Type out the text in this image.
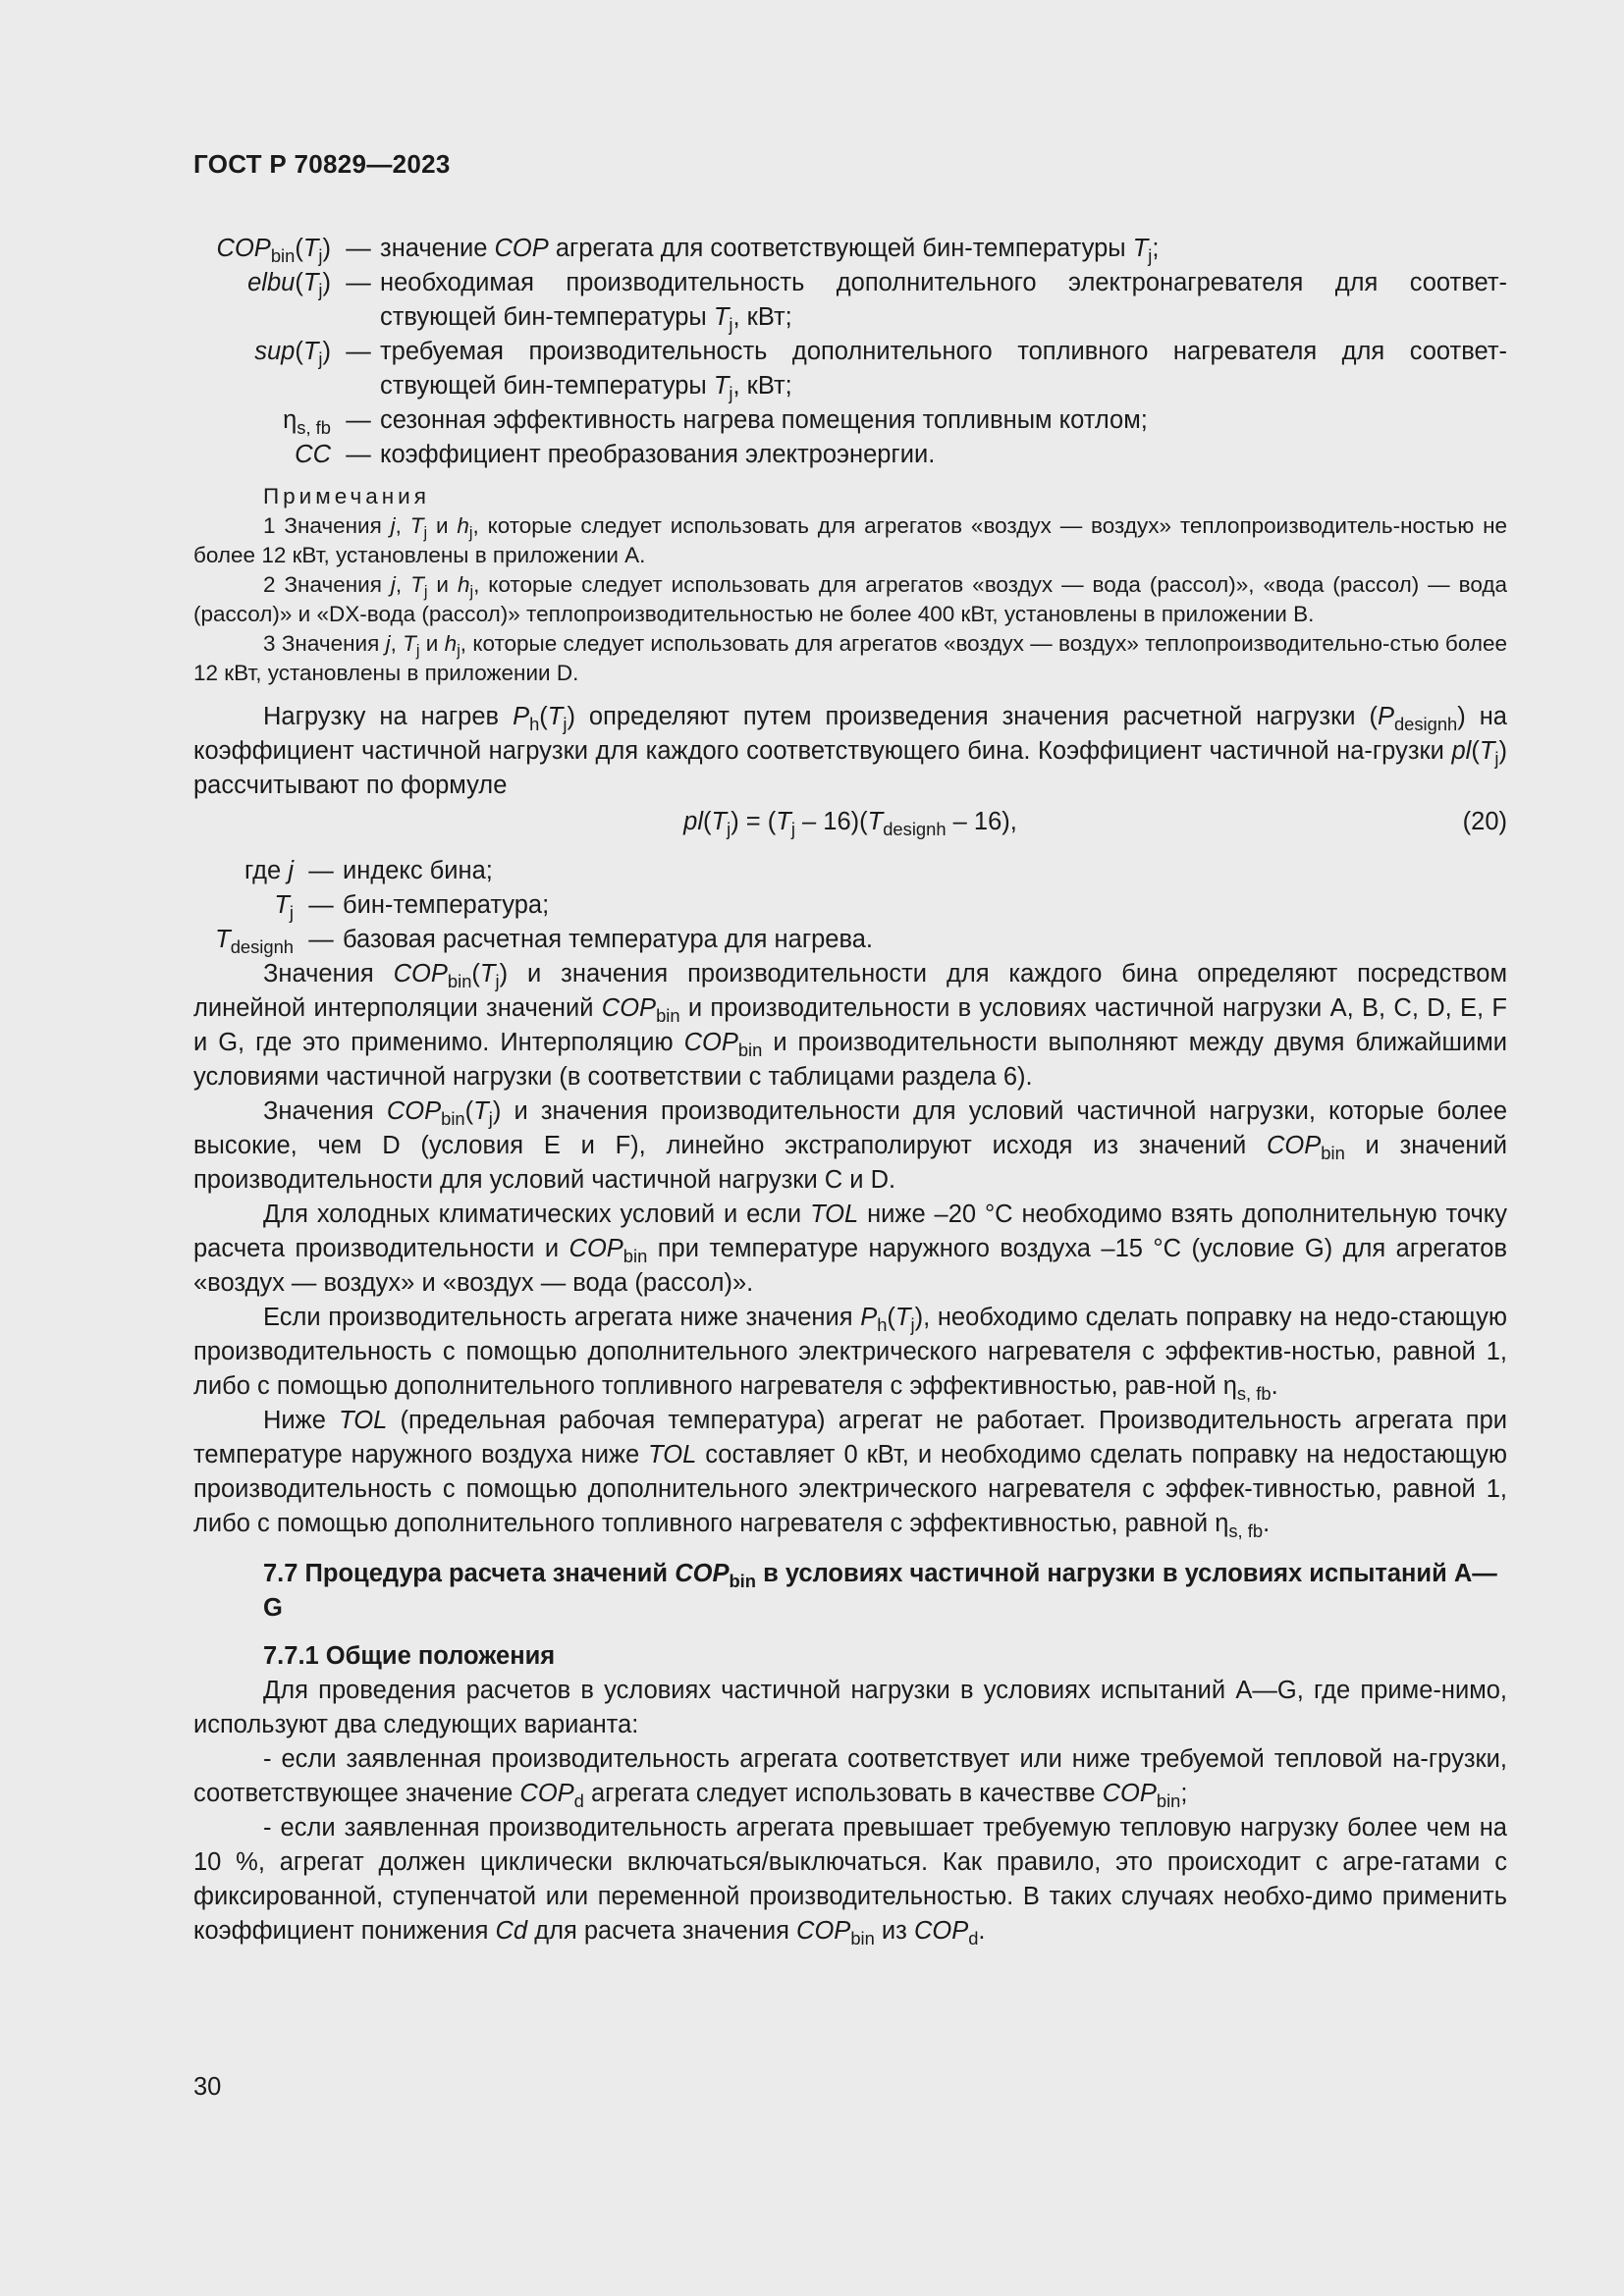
ГОСТ Р 70829—2023
$COP_{bin}(T_j)$ — значение COP агрегата для соответствующей бин-температуры $T_j$;
$elbu(T_j)$ — необходимая производительность дополнительного электронагревателя для соответ-
ствующей бин-температуры $T_j$, кВт;
$sup(T_j)$ — требуемая производительность дополнительного топливного нагревателя для соответ-
ствующей бин-температуры $T_j$, кВт;
$\eta_{s, fb}$ — сезонная эффективность нагрева помещения топливным котлом;
CC — коэффициент преобразования электроэнергии.
Примечания
1 Значения j, $T_j$ и $h_j$, которые следует использовать для агрегатов «воздух — воздух» теплопроизводитель-ностью не более 12 кВт, установлены в приложении А.
2 Значения j, $T_j$ и $h_j$, которые следует использовать для агрегатов «воздух — вода (рассол)», «вода (рассол) — вода (рассол)» и «DX-вода (рассол)» теплопроизводительностью не более 400 кВт, установлены в приложении В.
3 Значения j, $T_j$ и $h_j$, которые следует использовать для агрегатов «воздух — воздух» теплопроизводительно-стью более 12 кВт, установлены в приложении D.

Нагрузку на нагрев $P_h(T_j)$ определяют путем произведения значения расчетной нагрузки $(P_{designh})$ на коэффициент частичной нагрузки для каждого соответствующего бина. Коэффициент частичной на-грузки $pl(T_j)$ рассчитывают по формуле

$pl(T_j) = (T_j - 16)(T_{designh} - 16)$,	(20)
где j — индекс бина;
$T_j$ — бин-температура;
$T_{designh}$ — базовая расчетная температура для нагрева.

Значения $COP_{bin}(T_j)$ и значения производительности для каждого бина определяют посредством линейной интерполяции значений $COP_{bin}$ и производительности в условиях частичной нагрузки A, B, C, D, E, F и G, где это применимо. Интерполяцию $COP_{bin}$ и производительности выполняют между двумя ближайшими условиями частичной нагрузки (в соответствии с таблицами раздела 6).

Значения $COP_{bin}(T_j)$ и значения производительности для условий частичной нагрузки, которые более высокие, чем D (условия E и F), линейно экстраполируют исходя из значений $COP_{bin}$ и значений производительности для условий частичной нагрузки C и D.

Для холодных климатических условий и если TOL ниже –20 °C необходимо взять дополнительную точку расчета производительности и $COP_{bin}$ при температуре наружного воздуха –15 °C (условие G) для агрегатов «воздух — воздух» и «воздух — вода (рассол)».

Если производительность агрегата ниже значения $P_h(T_j)$, необходимо сделать поправку на недо-стающую производительность с помощью дополнительного электрического нагревателя с эффектив-ностью, равной 1, либо с помощью дополнительного топливного нагревателя с эффективностью, рав-ной $\eta_{s, fb}$.

Ниже TOL (предельная рабочая температура) агрегат не работает. Производительность агрегата при температуре наружного воздуха ниже TOL составляет 0 кВт, и необходимо сделать поправку на недостающую производительность с помощью дополнительного электрического нагревателя с эффек-тивностью, равной 1, либо с помощью дополнительного топливного нагревателя с эффективностью, равной $\eta_{s, fb}$.

7.7 Процедура расчета значений $COP_{bin}$ в условиях частичной нагрузки в условиях испытаний A—G
7.7.1 Общие положения

Для проведения расчетов в условиях частичной нагрузки в условиях испытаний A—G, где приме-нимо, используют два следующих варианта:

- если заявленная производительность агрегата соответствует или ниже требуемой тепловой на-грузки, соответствующее значение $COP_d$ агрегата следует использовать в качествве $COP_{bin}$;

- если заявленная производительность агрегата превышает требуемую тепловую нагрузку более чем на 10 %, агрегат должен циклически включаться/выключаться. Как правило, это происходит с агре-гатами с фиксированной, ступенчатой или переменной производительностью. В таких случаях необхо-димо применить коэффициент понижения Cd для расчета значения $COP_{bin}$ из $COP_d$.

30
